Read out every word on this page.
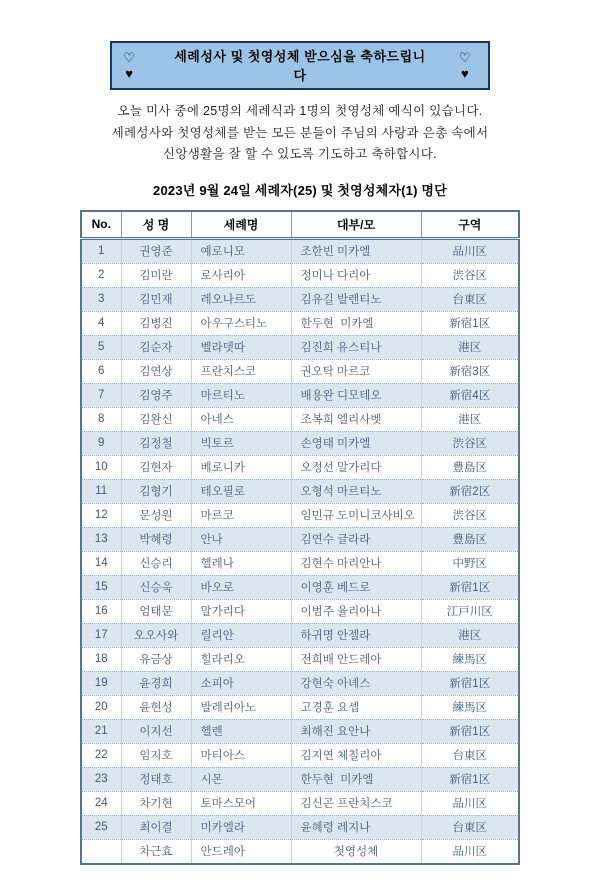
♡ ♥
세례성사 및 첫영성체 받으심을 축하드립니다
♡ ♥
오늘 미사 중에 25명의 세례식과 1명의 첫영성체 예식이 있습니다.
세례성사와 첫영성체를 받는 모든 분들이 주님의 사랑과 은총 속에서
신앙생활을 잘 할 수 있도록 기도하고 축하합시다.
2023년 9월 24일 세례자(25) 및 첫영성체자(1) 명단
No.	성 명	세례명	대부/모	구역
1	권영준	예로니모	조한빈 미카엘	品川区
2	김미란	로사리아	정미나 다리아	渋谷区
3	김민재	레오나르도	김유길 발렌티노	台東区
4	김병진	아우구스티노	한두현  미카엘	新宿1区
5	김순자	벨라뎃따	김진희 유스티나	港区
6	김연상	프란치스코	권오탁 마르코	新宿3区
7	김영주	마르티노	배용완 디모테오	新宿4区
8	김완신	아네스	조복희 엘리사벳	港区
9	김정철	빅토르	손영태 미카엘	渋谷区
10	김현자	베로니카	오정선 말가리다	豊島区
11	김형기	테오필로	오형석 마르티노	新宿2区
12	문성원	마르코	임민규 도미니코사비오	渋谷区
13	박혜령	안나	김연수 글라라	豊島区
14	신승리	헬레나	김현수 마리안나	中野区
15	신승욱	바오로	이영훈 베드로	新宿1区
16	엄태문	말가리다	이범주 율리아나	江戸川区
17	오오사와	릴리안	하귀명 안젤라	港区
18	유금상	힐라리오	전희배 안드레아	練馬区
19	윤경희	소피아	강현숙 아녜스	新宿1区
20	윤현성	발레리아노	고경훈 요셉	練馬区
21	이지선	헬렌	최해진 요안나	新宿1区
22	임지호	마티아스	김지연 체칠리아	台東区
23	정태호	시몬	한두현  미카엘	新宿1区
24	차기현	토마스모어	김신곤 프란치스코	品川区
25	최이결	미카엘라	윤혜령 레지나	台東区
	차근효	안드레아	첫영성체	品川区
